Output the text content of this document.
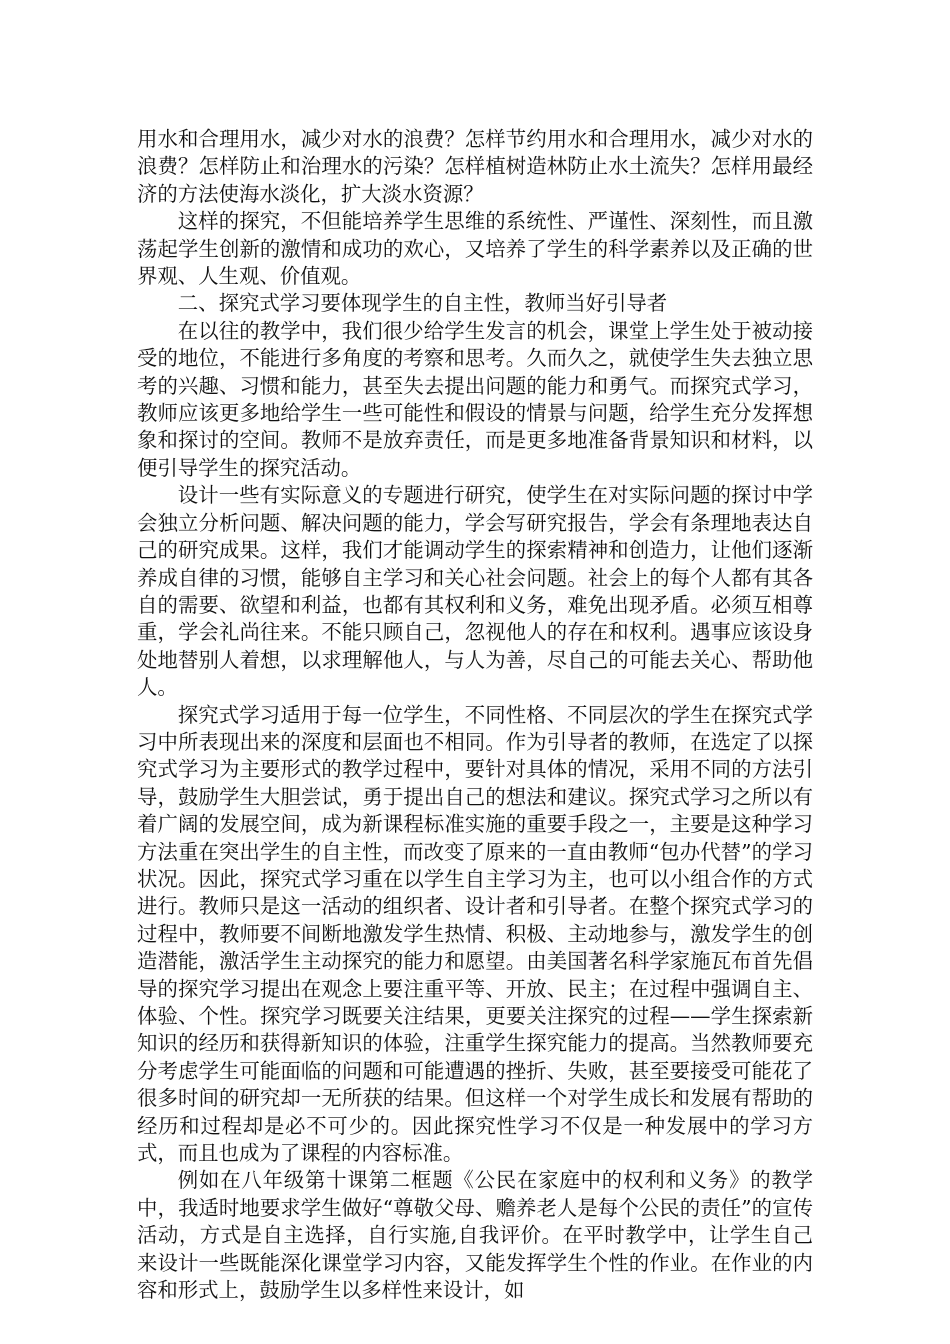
用水和合理用水，减少对水的浪费？怎样节约用水和合理用水，减少对水的浪费？怎样防止和治理水的污染？怎样植树造林防止水土流失？怎样用最经济的方法使海水淡化，扩大淡水资源？

这样的探究，不但能培养学生思维的系统性、严谨性、深刻性，而且激荡起学生创新的激情和成功的欢心，又培养了学生的科学素养以及正确的世界观、人生观、价值观。

二、探究式学习要体现学生的自主性，教师当好引导者

在以往的教学中，我们很少给学生发言的机会，课堂上学生处于被动接受的地位，不能进行多角度的考察和思考。久而久之，就使学生失去独立思考的兴趣、习惯和能力，甚至失去提出问题的能力和勇气。而探究式学习，教师应该更多地给学生一些可能性和假设的情景与问题，给学生充分发挥想象和探讨的空间。教师不是放弃责任，而是更多地准备背景知识和材料，以便引导学生的探究活动。

设计一些有实际意义的专题进行研究，使学生在对实际问题的探讨中学会独立分析问题、解决问题的能力，学会写研究报告，学会有条理地表达自己的研究成果。这样，我们才能调动学生的探索精神和创造力，让他们逐渐养成自律的习惯，能够自主学习和关心社会问题。社会上的每个人都有其各自的需要、欲望和利益，也都有其权利和义务，难免出现矛盾。必须互相尊重，学会礼尚往来。不能只顾自己，忽视他人的存在和权利。遇事应该设身处地替别人着想，以求理解他人，与人为善，尽自己的可能去关心、帮助他人。

探究式学习适用于每一位学生，不同性格、不同层次的学生在探究式学习中所表现出来的深度和层面也不相同。作为引导者的教师，在选定了以探究式学习为主要形式的教学过程中，要针对具体的情况，采用不同的方法引导，鼓励学生大胆尝试，勇于提出自己的想法和建议。探究式学习之所以有着广阔的发展空间，成为新课程标准实施的重要手段之一，主要是这种学习方法重在突出学生的自主性，而改变了原来的一直由教师“包办代替”的学习状况。因此，探究式学习重在以学生自主学习为主，也可以小组合作的方式进行。教师只是这一活动的组织者、设计者和引导者。在整个探究式学习的过程中，教师要不间断地激发学生热情、积极、主动地参与，激发学生的创造潜能，激活学生主动探究的能力和愿望。由美国著名科学家施瓦布首先倡导的探究学习提出在观念上要注重平等、开放、民主；在过程中强调自主、体验、个性。探究学习既要关注结果，更要关注探究的过程——学生探索新知识的经历和获得新知识的体验，注重学生探究能力的提高。当然教师要充分考虑学生可能面临的问题和可能遭遇的挫折、失败，甚至要接受可能花了很多时间的研究却一无所获的结果。但这样一个对学生成长和发展有帮助的经历和过程却是必不可少的。因此探究性学习不仅是一种发展中的学习方式，而且也成为了课程的内容标准。

例如在八年级第十课第二框题《公民在家庭中的权利和义务》的教学中，我适时地要求学生做好“尊敬父母、赡养老人是每个公民的责任”的宣传活动，方式是自主选择，自行实施,自我评价。在平时教学中，让学生自己来设计一些既能深化课堂学习内容，又能发挥学生个性的作业。在作业的内容和形式上，鼓励学生以多样性来设计，如
